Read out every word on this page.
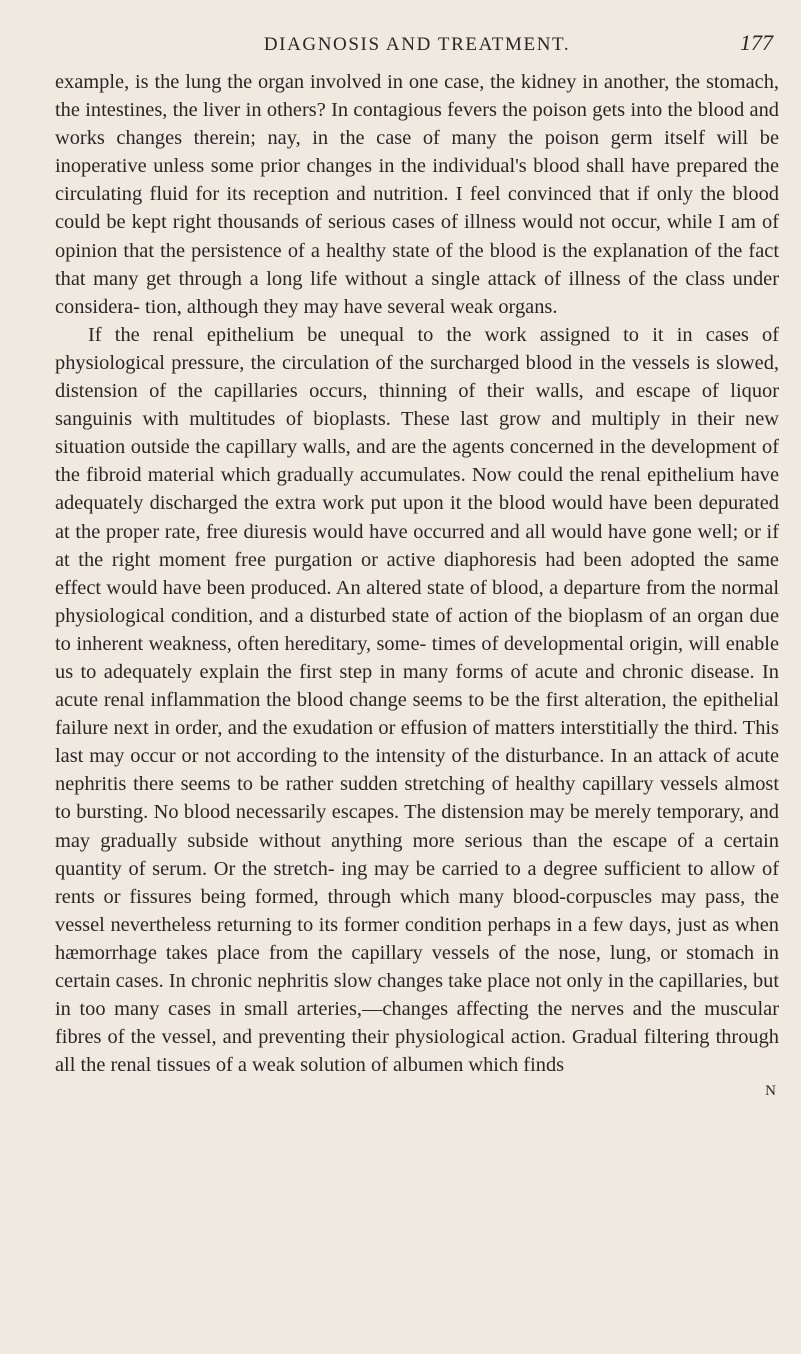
DIAGNOSIS AND TREATMENT.	177

example, is the lung the organ involved in one case, the kidney in another, the stomach, the intestines, the liver in others? In contagious fevers the poison gets into the blood and works changes therein; nay, in the case of many the poison germ itself will be inoperative unless some prior changes in the individual's blood shall have prepared the circulating fluid for its reception and nutrition. I feel convinced that if only the blood could be kept right thousands of serious cases of illness would not occur, while I am of opinion that the persistence of a healthy state of the blood is the explanation of the fact that many get through a long life without a single attack of illness of the class under considera- tion, although they may have several weak organs.

If the renal epithelium be unequal to the work assigned to it in cases of physiological pressure, the circulation of the surcharged blood in the vessels is slowed, distension of the capillaries occurs, thinning of their walls, and escape of liquor sanguinis with multitudes of bioplasts. These last grow and multiply in their new situation outside the capillary walls, and are the agents concerned in the development of the fibroid material which gradually accumulates. Now could the renal epithelium have adequately discharged the extra work put upon it the blood would have been depurated at the proper rate, free diuresis would have occurred and all would have gone well; or if at the right moment free purgation or active diaphoresis had been adopted the same effect would have been produced. An altered state of blood, a departure from the normal physiological condition, and a disturbed state of action of the bioplasm of an organ due to inherent weakness, often hereditary, some- times of developmental origin, will enable us to adequately explain the first step in many forms of acute and chronic disease. In acute renal inflammation the blood change seems to be the first alteration, the epithelial failure next in order, and the exudation or effusion of matters interstitially the third. This last may occur or not according to the intensity of the disturbance. In an attack of acute nephritis there seems to be rather sudden stretching of healthy capillary vessels almost to bursting. No blood necessarily escapes. The distension may be merely temporary, and may gradually subside without anything more serious than the escape of a certain quantity of serum. Or the stretch- ing may be carried to a degree sufficient to allow of rents or fissures being formed, through which many blood-corpuscles may pass, the vessel nevertheless returning to its former condition perhaps in a few days, just as when hæmorrhage takes place from the capillary vessels of the nose, lung, or stomach in certain cases. In chronic nephritis slow changes take place not only in the capillaries, but in too many cases in small arteries,—changes affecting the nerves and the muscular fibres of the vessel, and preventing their physiological action. Gradual filtering through all the renal tissues of a weak solution of albumen which finds

N
